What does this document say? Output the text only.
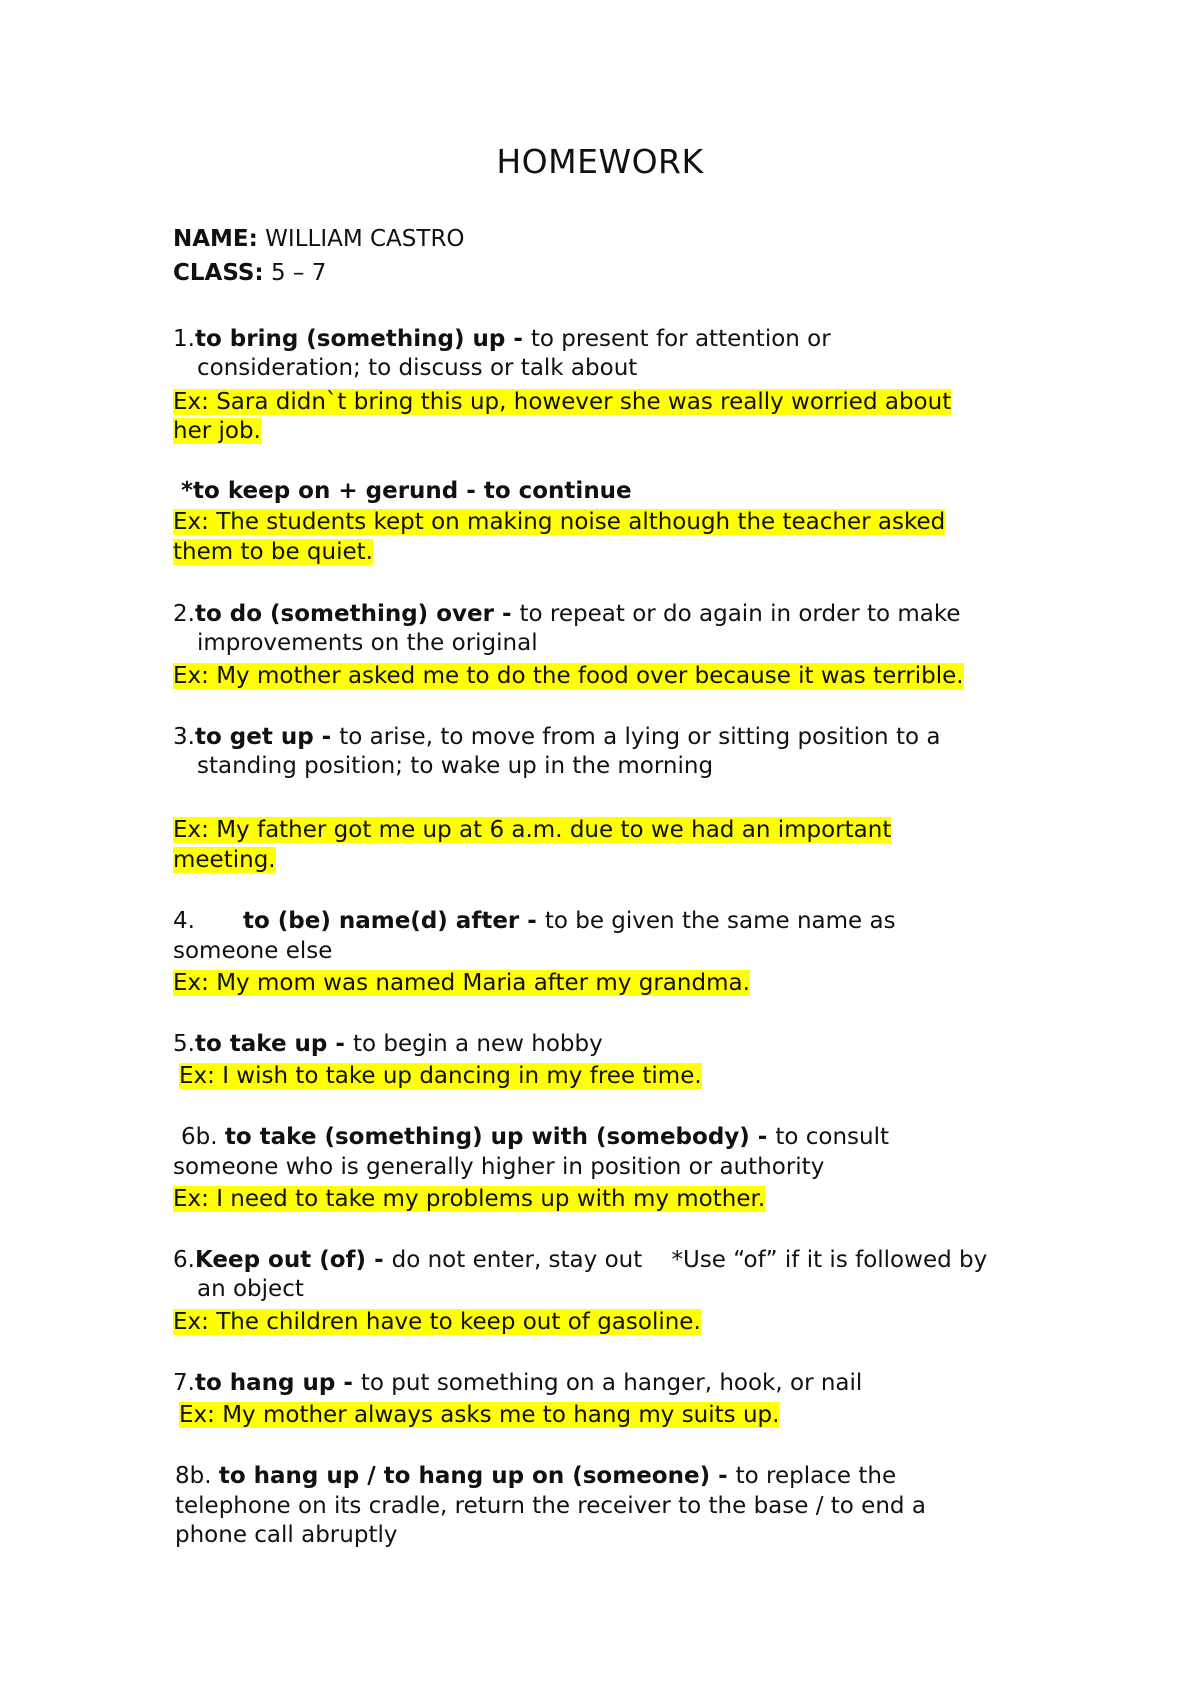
HOMEWORK
NAME: WILLIAM CASTRO
CLASS: 5 – 7
1.to bring (something) up - to present for attention or
consideration; to discuss or talk about
Ex: Sara didn`t bring this up, however she was really worried about
her job.
*to keep on + gerund - to continue
Ex: The students kept on making noise although the teacher asked
them to be quiet.
2.to do (something) over - to repeat or do again in order to make
improvements on the original
Ex: My mother asked me to do the food over because it was terrible.
3.to get up - to arise, to move from a lying or sitting position to a
standing position; to wake up in the morning
Ex: My father got me up at 6 a.m. due to we had an important
meeting.
4. to (be) name(d) after - to be given the same name as
someone else
Ex: My mom was named Maria after my grandma.
5.to take up - to begin a new hobby
Ex: I wish to take up dancing in my free time.
6b. to take (something) up with (somebody) - to consult
someone who is generally higher in position or authority
Ex: I need to take my problems up with my mother.
6.Keep out (of) - do not enter, stay out    *Use “of” if it is followed by
an object
Ex: The children have to keep out of gasoline.
7.to hang up - to put something on a hanger, hook, or nail
Ex: My mother always asks me to hang my suits up.
8b. to hang up / to hang up on (someone) - to replace the
telephone on its cradle, return the receiver to the base / to end a
phone call abruptly
